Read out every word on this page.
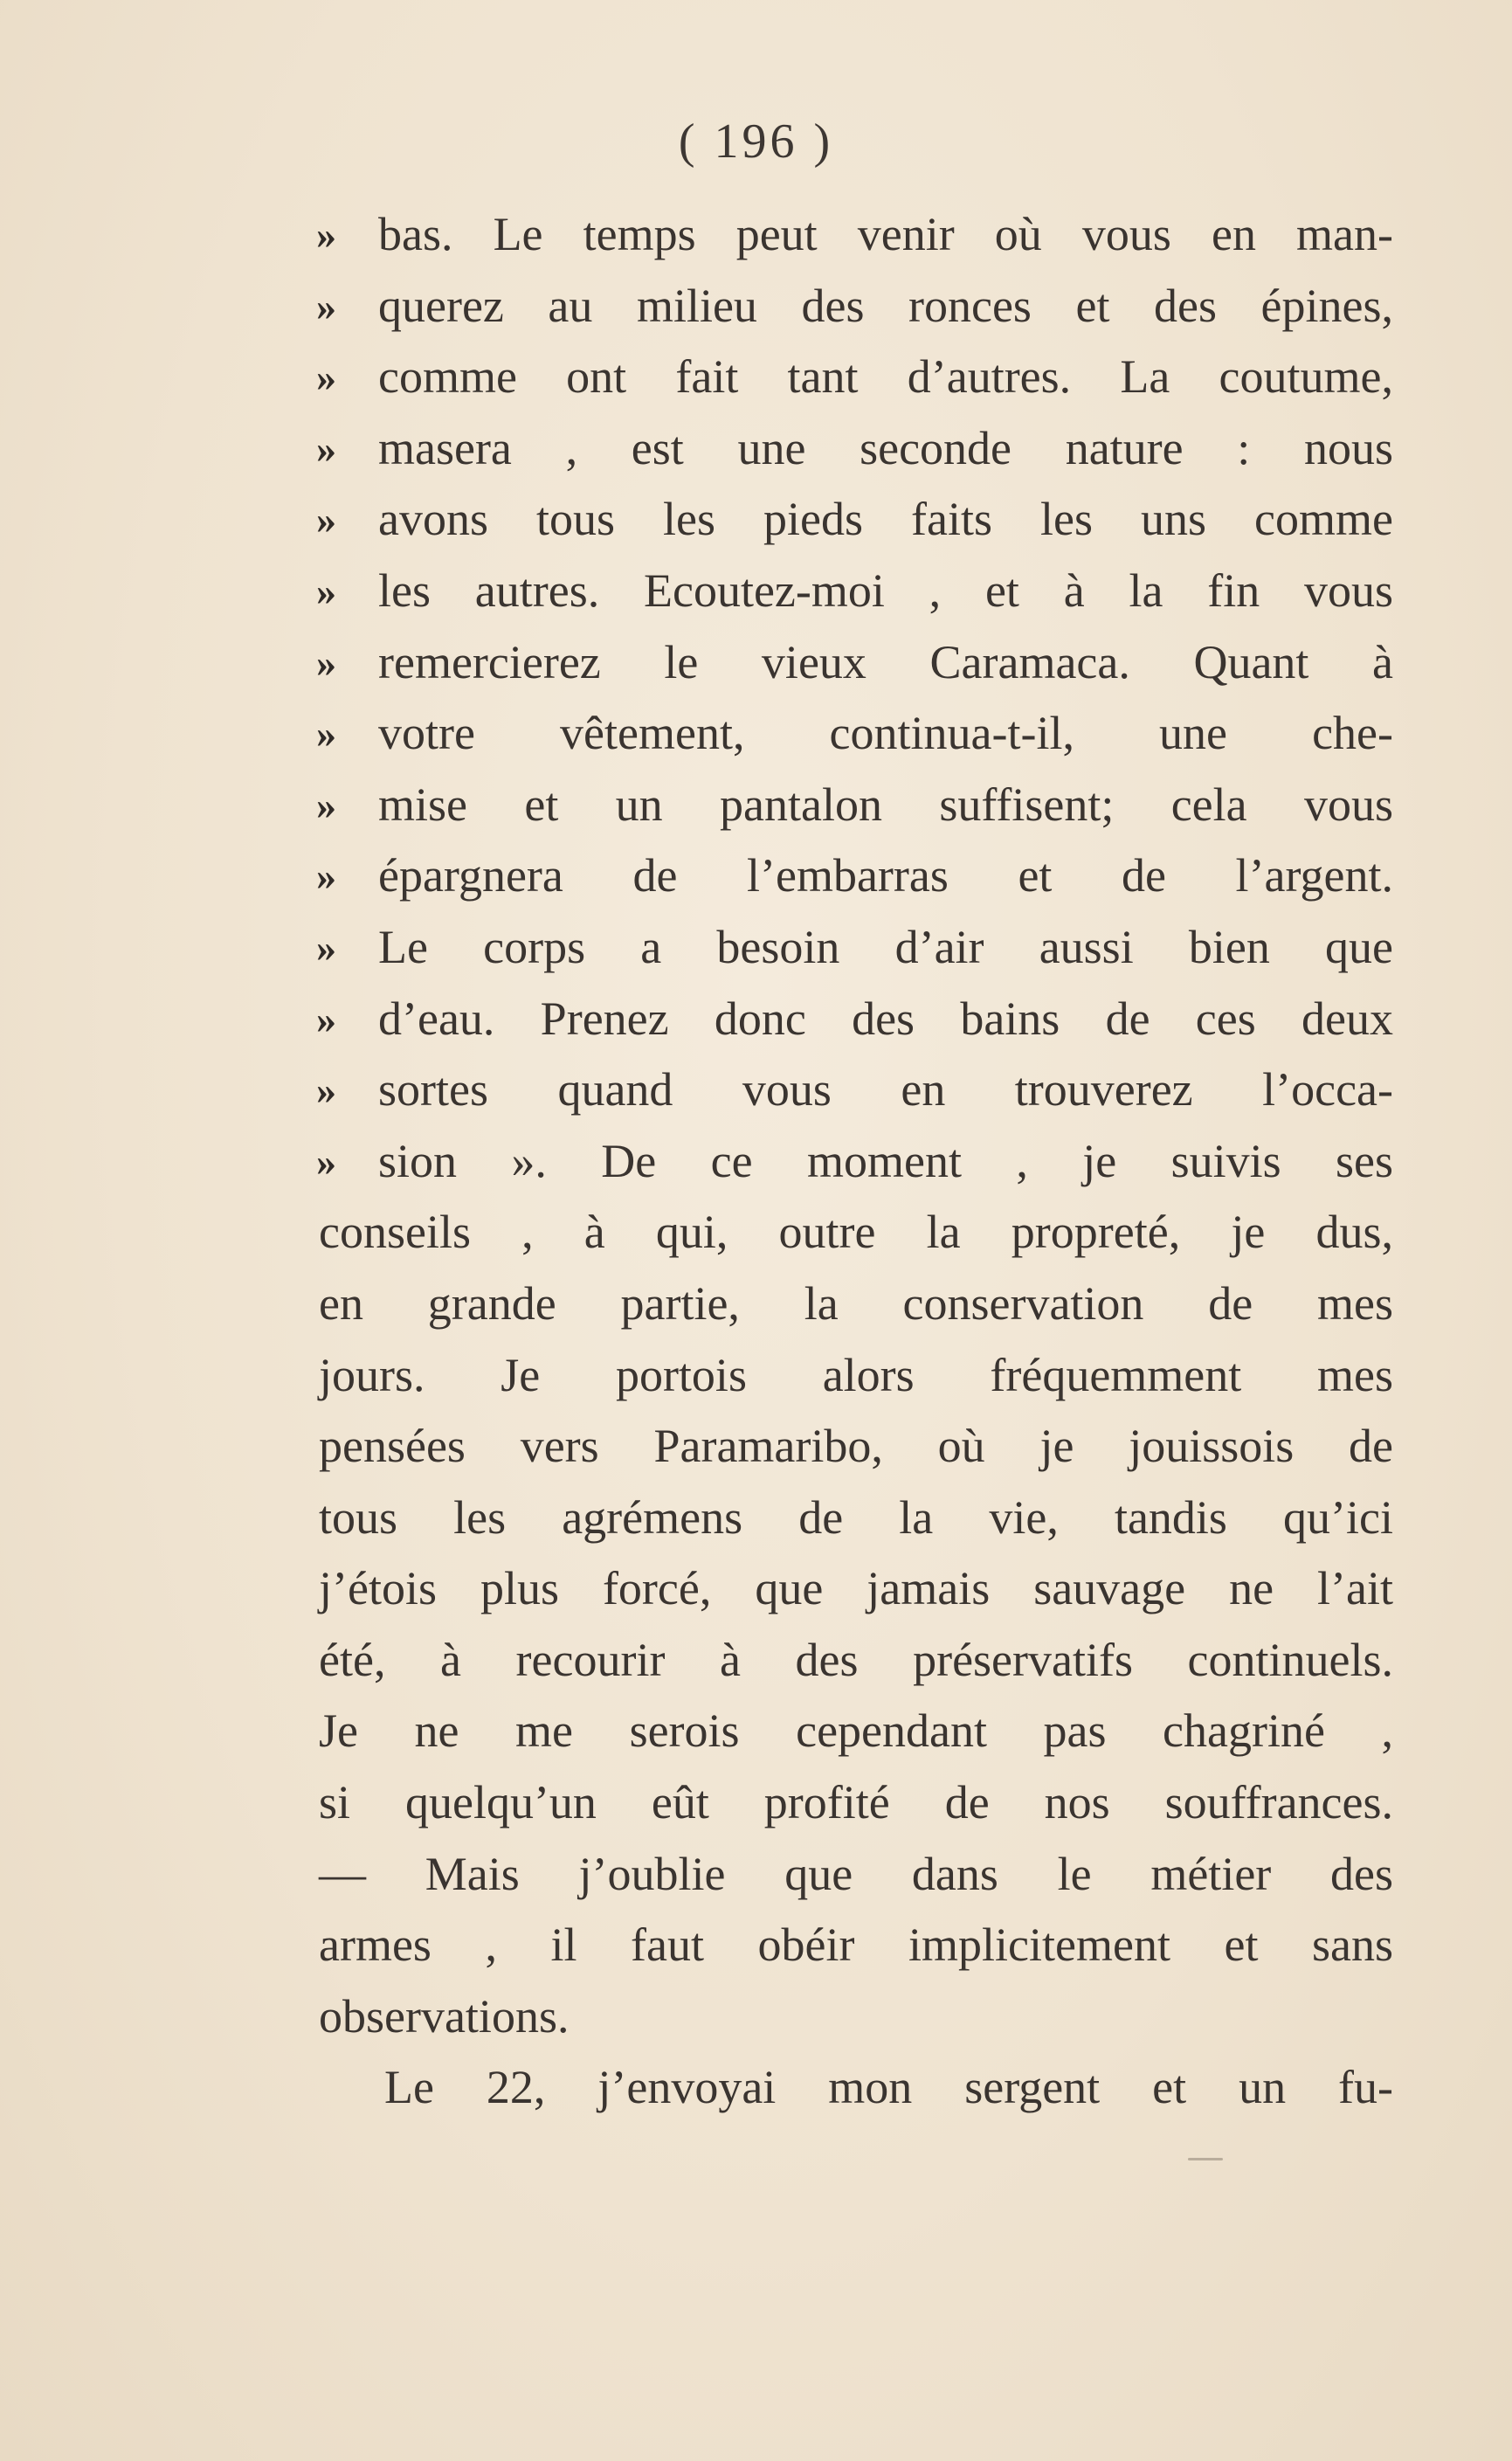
( 196 )
» bas. Le temps peut venir où vous en man-
» querez au milieu des ronces et des épines,
» comme ont fait tant d’autres. La coutume,
» masera , est une seconde nature : nous
» avons tous les pieds faits les uns comme
» les autres. Ecoutez-moi , et à la fin vous
» remercierez le vieux Caramaca. Quant à
» votre vêtement, continua-t-il, une che-
» mise et un pantalon suffisent; cela vous
» épargnera de l’embarras et de l’argent.
» Le corps a besoin d’air aussi bien que
» d’eau. Prenez donc des bains de ces deux
» sortes quand vous en trouverez l’occa-
» sion ». De ce moment , je suivis ses
conseils , à qui, outre la propreté, je dus,
en grande partie, la conservation de mes
jours. Je portois alors fréquemment mes
pensées vers Paramaribo, où je jouissois de
tous les agrémens de la vie, tandis qu’ici
j’étois plus forcé, que jamais sauvage ne l’ait
été, à recourir à des préservatifs continuels.
Je ne me serois cependant pas chagriné ,
si quelqu’un eût profité de nos souffrances.
— Mais j’oublie que dans le métier des
armes , il faut obéir implicitement et sans
observations.
Le 22, j’envoyai mon sergent et un fu-
